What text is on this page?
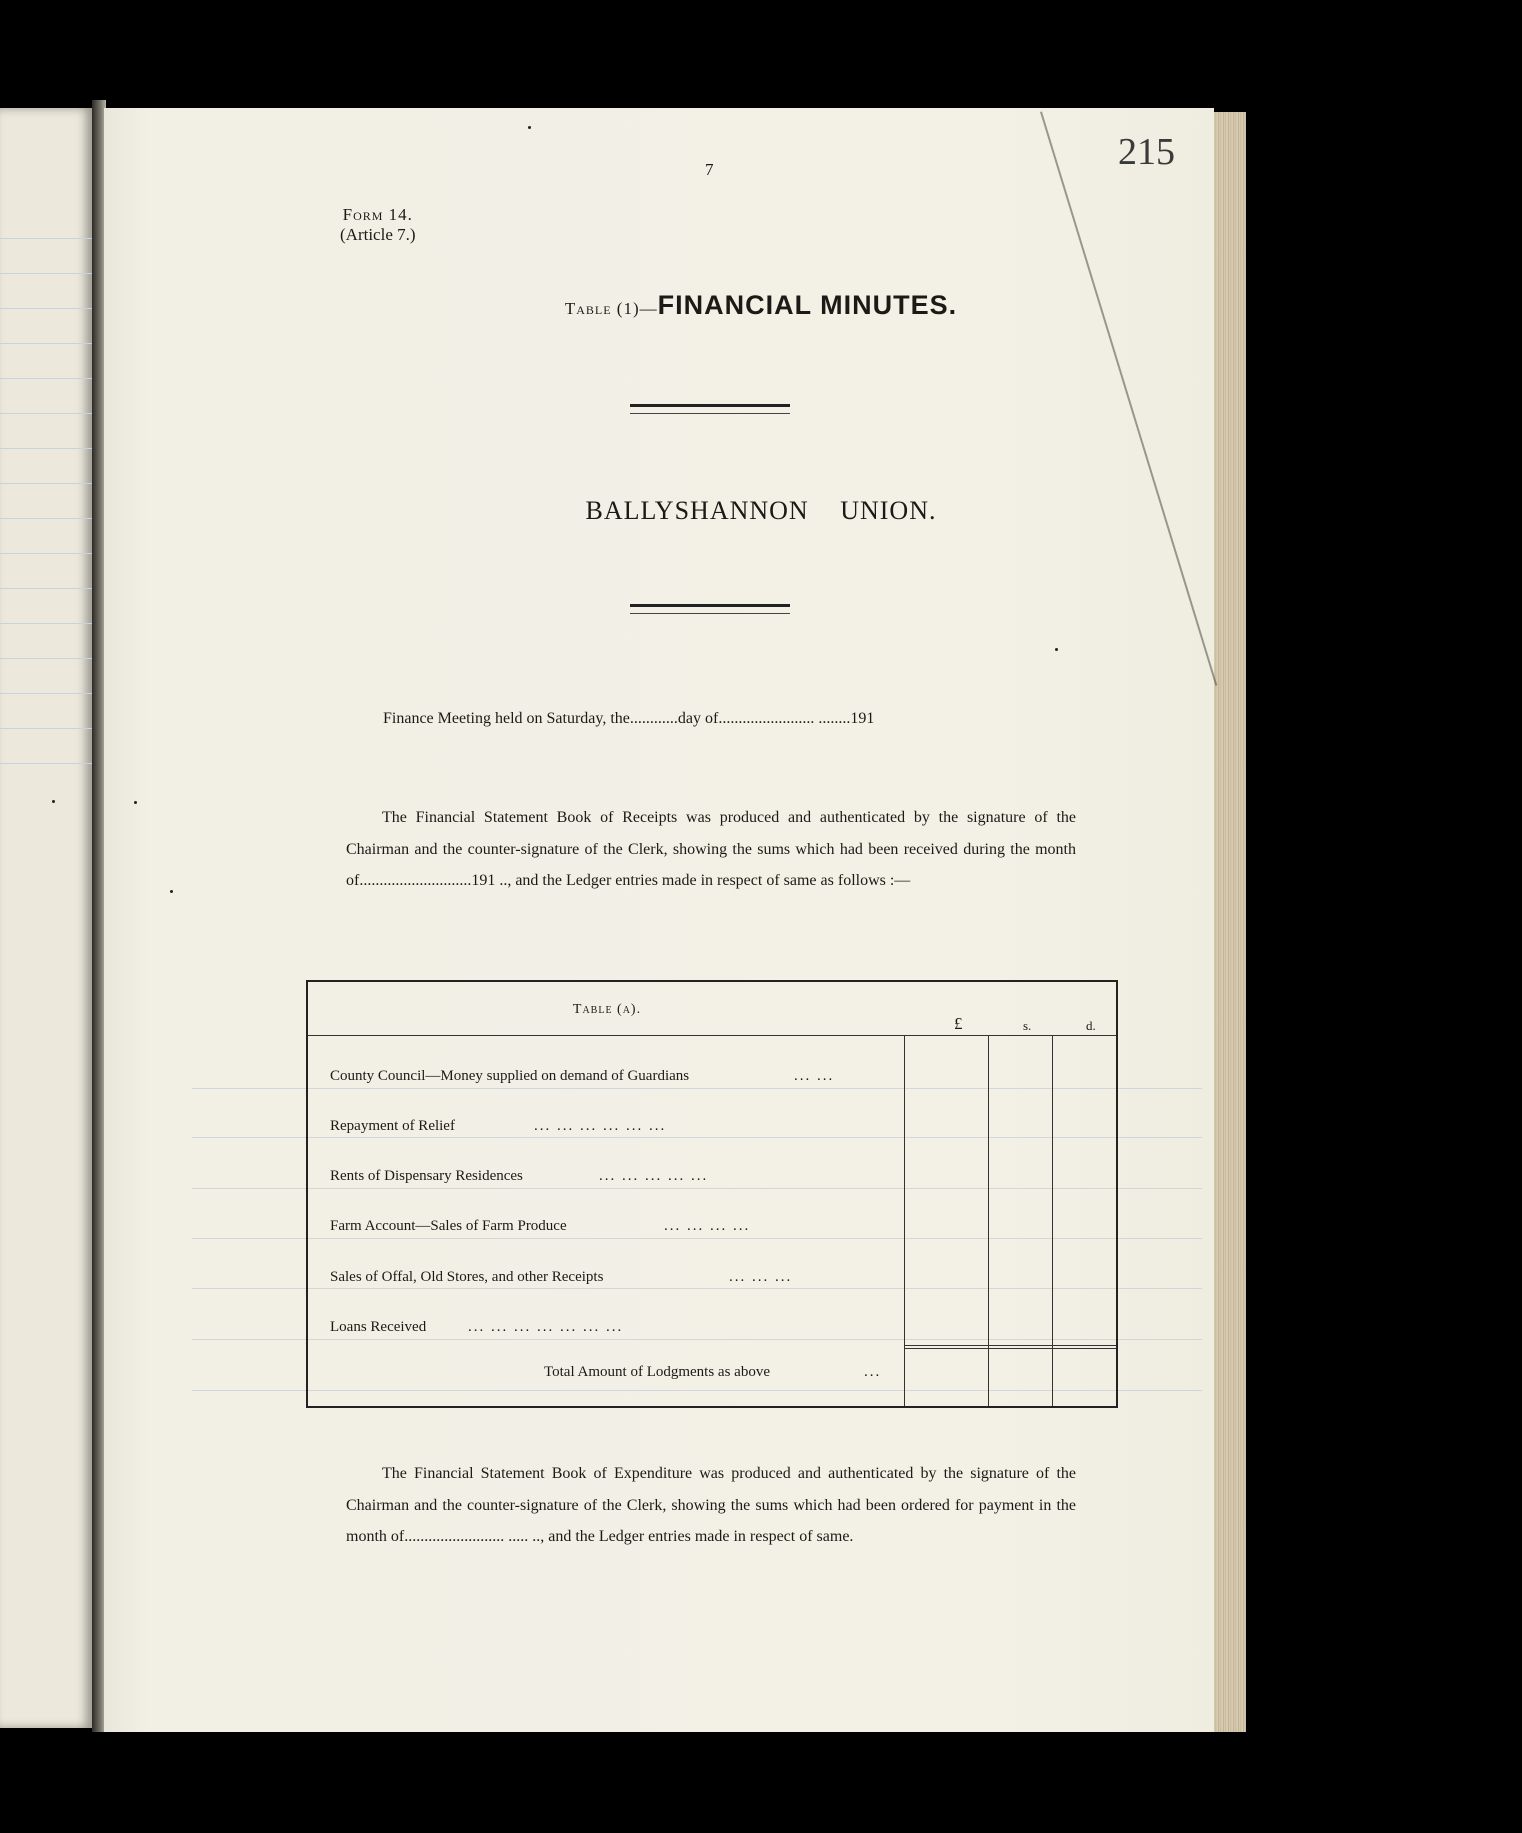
215
7
Form 14.
(Article 7.)
Table (1)—FINANCIAL MINUTES.
BALLYSHANNON UNION.
Finance Meeting held on Saturday, the............day of........................ ........191
The Financial Statement Book of Receipts was produced and authenticated by the signature of the Chairman and the counter-signature of the Clerk, showing the sums which had been received during the month of............................191 .., and the Ledger entries made in respect of same as follows :—
Table (a).
£	s.	d.
County Council—Money supplied on demand of Guardians	... ...
Repayment of Relief	... ... ... ... ... ...
Rents of Dispensary Residences	... ... ... ... ...
Farm Account—Sales of Farm Produce	... ... ... ...
Sales of Offal, Old Stores, and other Receipts	... ... ...
Loans Received	... ... ... ... ... ... ...
Total Amount of Lodgments as above	...
The Financial Statement Book of Expenditure was produced and authenticated by the signature of the Chairman and the counter-signature of the Clerk, showing the sums which had been ordered for payment in the month of......................... ..... .., and the Ledger entries made in respect of same.
